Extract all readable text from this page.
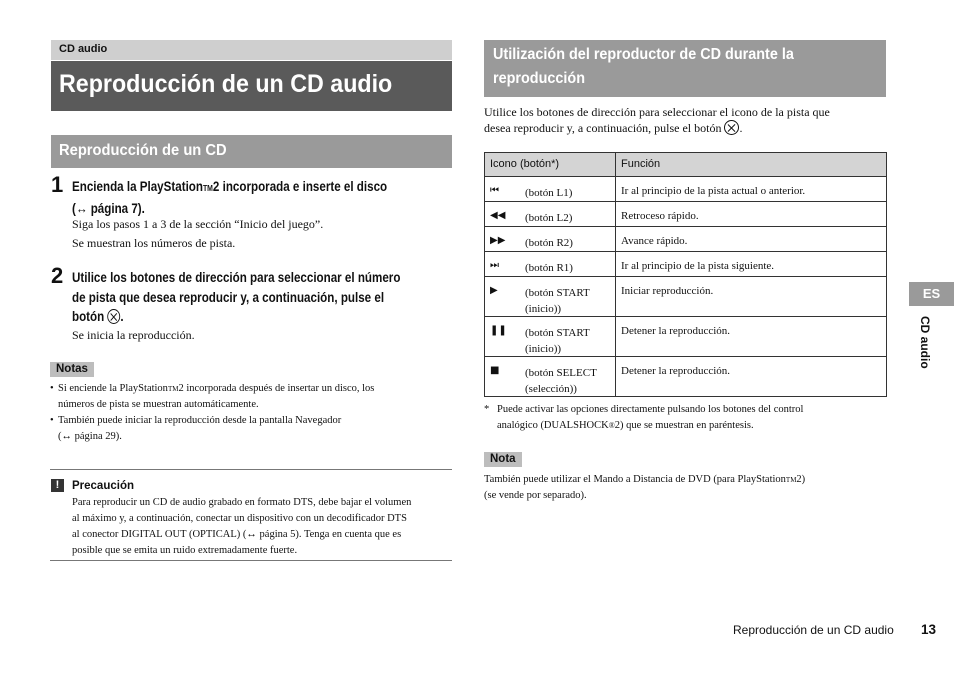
CD audio
Reproducción de un CD audio
Reproducción de un CD
1 Encienda la PlayStationTM2 incorporada e inserte el disco
(↔ página 7).
Siga los pasos 1 a 3 de la sección “Inicio del juego”.
Se muestran los números de pista.
2 Utilice los botones de dirección para seleccionar el número
de pista que desea reproducir y, a continuación, pulse el
botón .
Se inicia la reproducción.
Notas
• Si enciende la PlayStationTM2 incorporada después de insertar un disco, los
números de pista se muestran automáticamente.
• También puede iniciar la reproducción desde la pantalla Navegador
(↔ página 29).
!	Precaución
Para reproducir un CD de audio grabado en formato DTS, debe bajar el volumen
al máximo y, a continuación, conectar un dispositivo con un decodificador DTS
al conector DIGITAL OUT (OPTICAL) (↔ página 5). Tenga en cuenta que es
posible que se emita un ruido extremadamente fuerte.
Utilización del reproductor de CD durante la
reproducción
Utilice los botones de dirección para seleccionar el icono de la pista que
desea reproducir y, a continuación, pulse el botón .
Icono (botón*)	Función

⏮ (botón L1)	Ir al principio de la pista actual o anterior.

◀◀ (botón L2)	Retroceso rápido.

▶▶ (botón R2)	Avance rápido.

⏭ (botón R1)	Ir al principio de la pista siguiente.

▶ (botón START
(inicio))	Iniciar reproducción.

❚❚ (botón START
(inicio))	Detener la reproducción.

■ (botón SELECT
(selección))	Detener la reproducción.
* Puede activar las opciones directamente pulsando los botones del control
analógico (DUALSHOCK®2) que se muestran en paréntesis.
Nota
También puede utilizar el Mando a Distancia de DVD (para PlayStationTM2)
(se vende por separado).
ES
CD audio
Reproducción de un CD audio 13
